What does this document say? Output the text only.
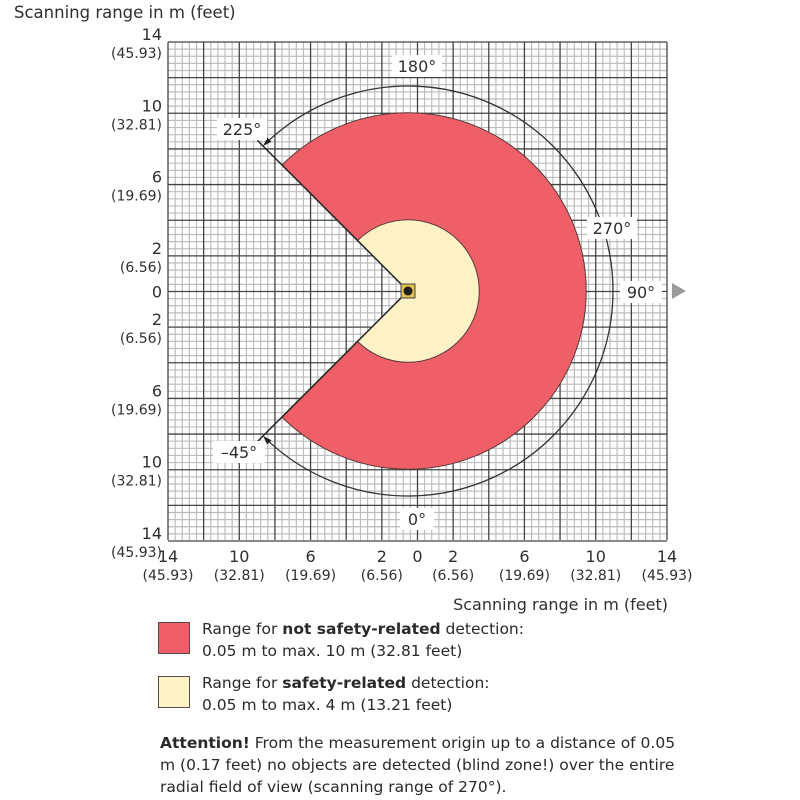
Scanning range in m (feet)
180°
225°
270°
90°
–45°
0°
14
(45.93)
10
(32.81)
6
(19.69)
2
(6.56)
0
2
(6.56)
6
(19.69)
10
(32.81)
14
(45.93)
14
(45.93)
10
(32.81)
6
(19.69)
2
(6.56)
0 2
(6.56)
6
(19.69)
10
(32.81)
14
(45.93)
Scanning range in m (feet)
Range for not safety-related detection:
0.05 m to max. 10 m (32.81 feet)
Range for safety-related detection:
0.05 m to max. 4 m (13.21 feet)
Attention! From the measurement origin up to a distance of 0.05 m (0.17 feet) no objects are detected (blind zone!) over the entire radial field of view (scanning range of 270°).
